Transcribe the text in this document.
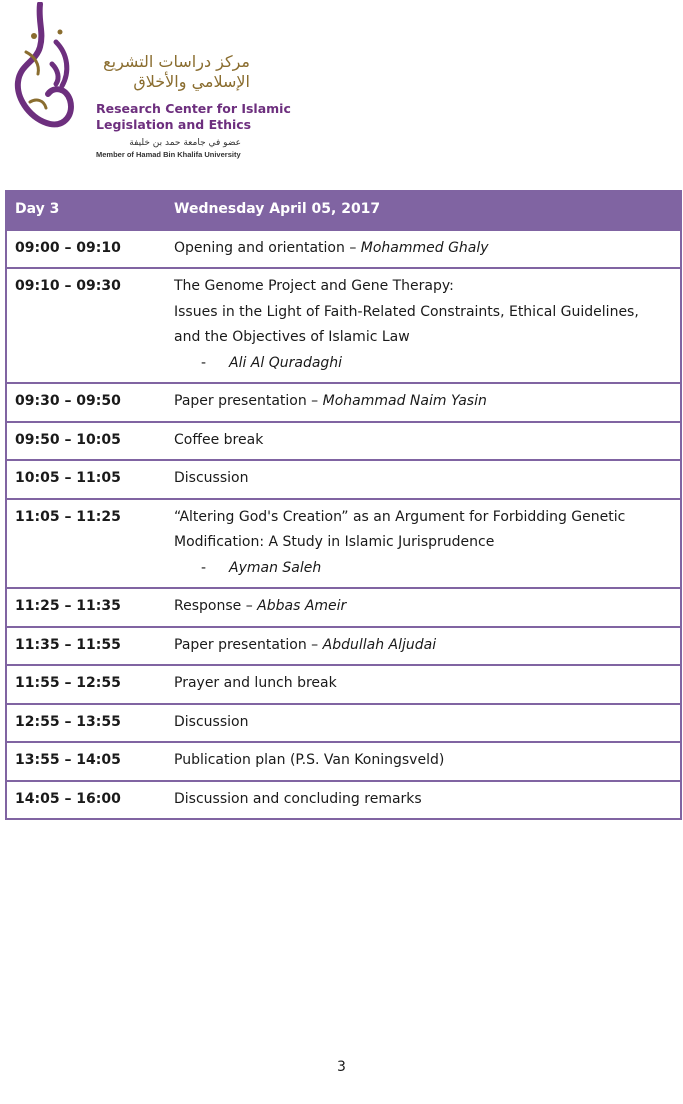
مركز دراسات التشريع
الإسلامي والأخلاق
Research Center for Islamic
Legislation and Ethics
عضو في جامعة حمد بن خليفة
Member of Hamad Bin Khalifa University
Day 3	Wednesday April 05, 2017
09:00 – 09:10	Opening and orientation – Mohammed Ghaly
09:10 – 09:30	The Genome Project and Gene Therapy:
Issues in the Light of Faith-Related Constraints, Ethical Guidelines,
and the Objectives of Islamic Law
- Ali Al Quradaghi

09:30 – 09:50	Paper presentation – Mohammad Naim Yasin
09:50 – 10:05	Coffee break
10:05 – 11:05	Discussion
11:05 – 11:25	“Altering God's Creation” as an Argument for Forbidding Genetic
Modification: A Study in Islamic Jurisprudence
- Ayman Saleh

11:25 – 11:35	Response – Abbas Ameir
11:35 – 11:55	Paper presentation – Abdullah Aljudai
11:55 – 12:55	Prayer and lunch break
12:55 – 13:55	Discussion
13:55 – 14:05	Publication plan (P.S. Van Koningsveld)
14:05 – 16:00	Discussion and concluding remarks
3
